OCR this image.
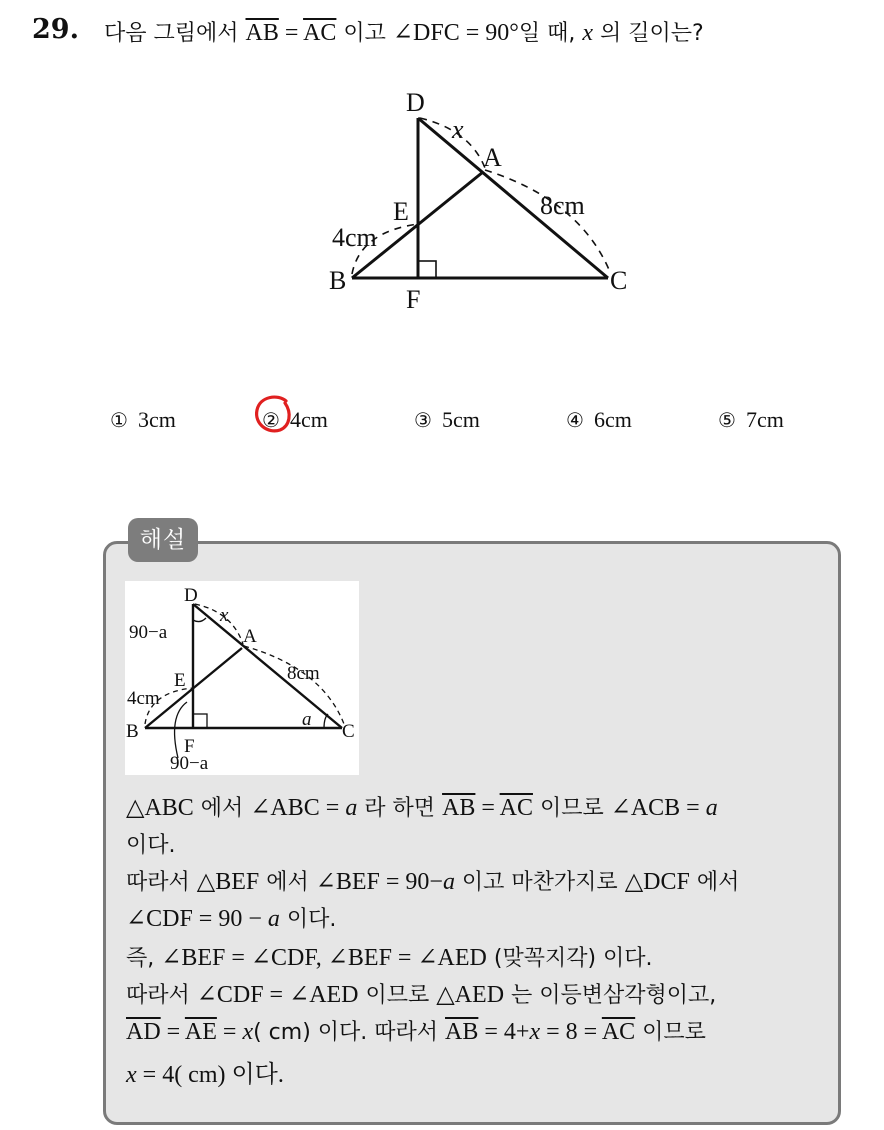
29. 다음 그림에서 $\overline{AB} = \overline{AC}$ 이고 ∠DFC = 90°일 때, x 의 길이는?
D
A
E
B
F
C
x
8cm
4cm
① 3cm	② 4cm	③ 5cm	④ 6cm	⑤ 7cm
해설
D
A
E
B
F
C
x
8cm
4cm
90−a
90−a
a
△ABC 에서 ∠ABC = a 라 하면 $\overline{AB} = \overline{AC}$ 이므로 ∠ACB = a
이다.
따라서 △BEF 에서 ∠BEF = 90−a 이고 마찬가지로 △DCF 에서
∠CDF = 90 − a 이다.
즉, ∠BEF = ∠CDF, ∠BEF = ∠AED (맞꼭지각) 이다.
따라서 ∠CDF = ∠AED 이므로 △AED 는 이등변삼각형이고,
$\overline{AD} = \overline{AE} = x$( cm) 이다. 따라서 $\overline{AB} = 4+x = 8 = \overline{AC}$ 이므로
x = 4( cm) 이다.
